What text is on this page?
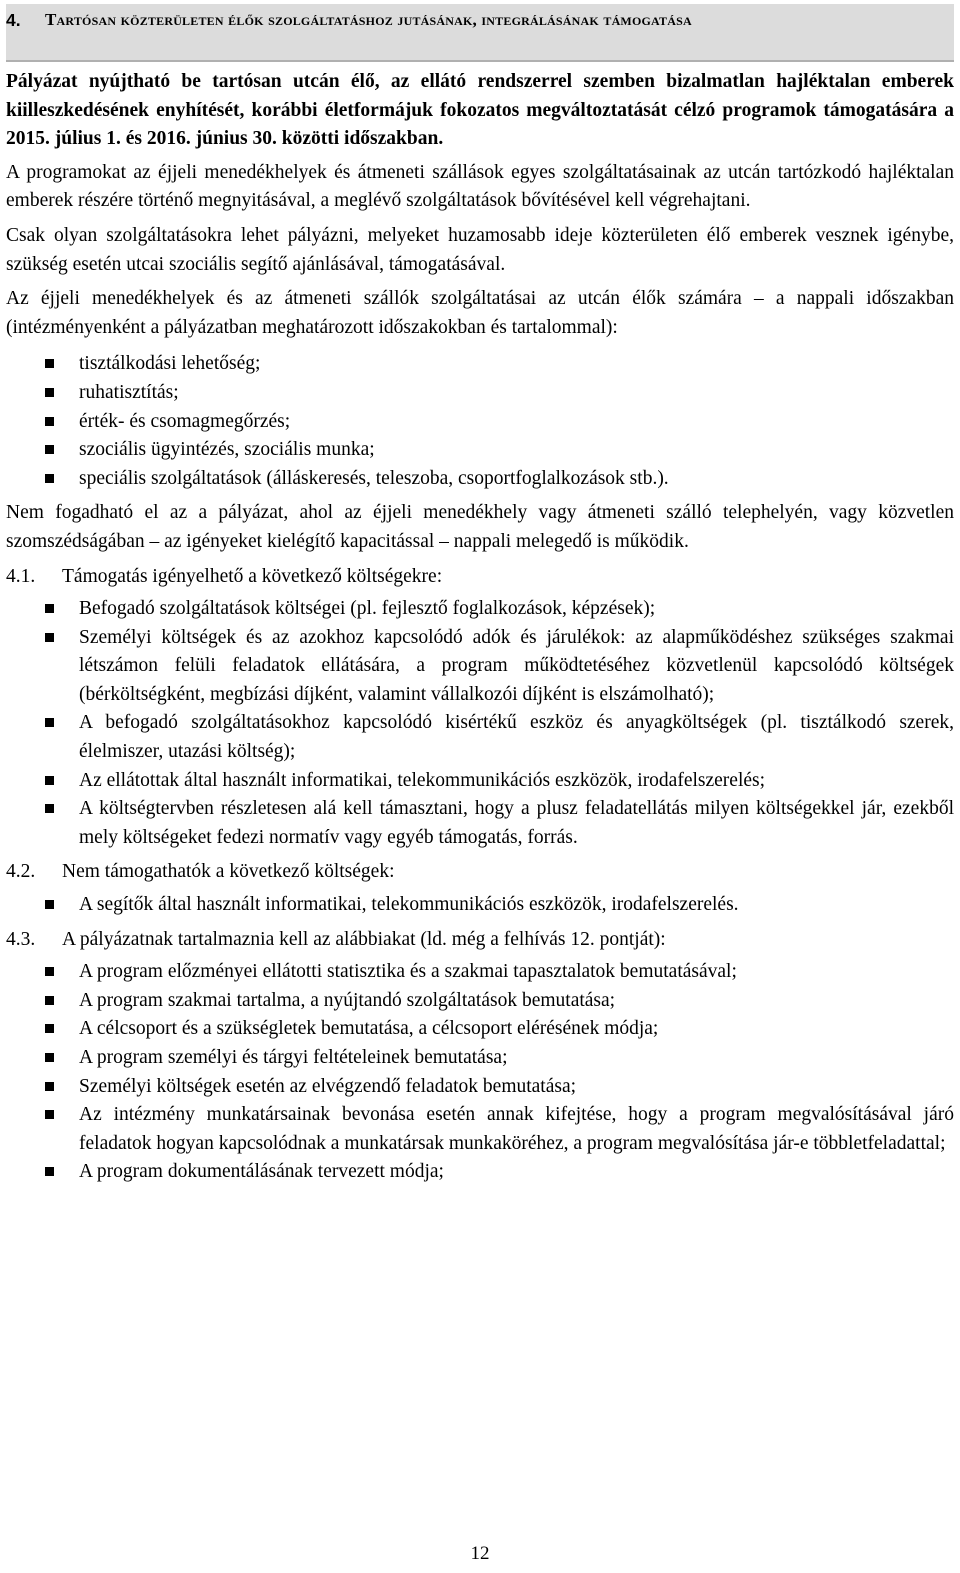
4. Tartósan közterületen élők szolgáltatáshoz jutásának, integrálásának támogatása

Pályázat nyújtható be tartósan utcán élő, az ellátó rendszerrel szemben bizalmatlan hajléktalan emberek kiilleszkedésének enyhítését, korábbi életformájuk fokozatos megváltoztatását célzó programok támogatására a 2015. július 1. és 2016. június 30. közötti időszakban.

A programokat az éjjeli menedékhelyek és átmeneti szállások egyes szolgáltatásainak az utcán tartózkodó hajléktalan emberek részére történő megnyitásával, a meglévő szolgáltatások bővítésével kell végrehajtani.

Csak olyan szolgáltatásokra lehet pályázni, melyeket huzamosabb ideje közterületen élő emberek vesznek igénybe, szükség esetén utcai szociális segítő ajánlásával, támogatásával.

Az éjjeli menedékhelyek és az átmeneti szállók szolgáltatásai az utcán élők számára – a nappali időszakban (intézményenként a pályázatban meghatározott időszakokban és tartalommal):

tisztálkodási lehetőség;
ruhatisztítás;
érték- és csomagmegőrzés;
szociális ügyintézés, szociális munka;
speciális szolgáltatások (álláskeresés, teleszoba, csoportfoglalkozások stb.).

Nem fogadható el az a pályázat, ahol az éjjeli menedékhely vagy átmeneti szálló telephelyén, vagy közvetlen szomszédságában – az igényeket kielégítő kapacitással – nappali melegedő is működik.

4.1. Támogatás igényelhető a következő költségekre:
Befogadó szolgáltatások költségei (pl. fejlesztő foglalkozások, képzések);
Személyi költségek és az azokhoz kapcsolódó adók és járulékok: az alapműködéshez szükséges szakmai létszámon felüli feladatok ellátására, a program működtetéséhez közvetlenül kapcsolódó költségek (bérköltségként, megbízási díjként, valamint vállalkozói díjként is elszámolható);
A befogadó szolgáltatásokhoz kapcsolódó kisértékű eszköz és anyagköltségek (pl. tisztálkodó szerek, élelmiszer, utazási költség);
Az ellátottak által használt informatikai, telekommunikációs eszközök, irodafelszerelés;
A költségtervben részletesen alá kell támasztani, hogy a plusz feladatellátás milyen költségekkel jár, ezekből mely költségeket fedezi normatív vagy egyéb támogatás, forrás.
4.2. Nem támogathatók a következő költségek:
A segítők által használt informatikai, telekommunikációs eszközök, irodafelszerelés.
4.3. A pályázatnak tartalmaznia kell az alábbiakat (ld. még a felhívás 12. pontját):
A program előzményei ellátotti statisztika és a szakmai tapasztalatok bemutatásával;
A program szakmai tartalma, a nyújtandó szolgáltatások bemutatása;
A célcsoport és a szükségletek bemutatása, a célcsoport elérésének módja;
A program személyi és tárgyi feltételeinek bemutatása;
Személyi költségek esetén az elvégzendő feladatok bemutatása;
Az intézmény munkatársainak bevonása esetén annak kifejtése, hogy a program megvalósításával járó feladatok hogyan kapcsolódnak a munkatársak munkaköréhez, a program megvalósítása jár-e többletfeladattal;
A program dokumentálásának tervezett módja;
12
